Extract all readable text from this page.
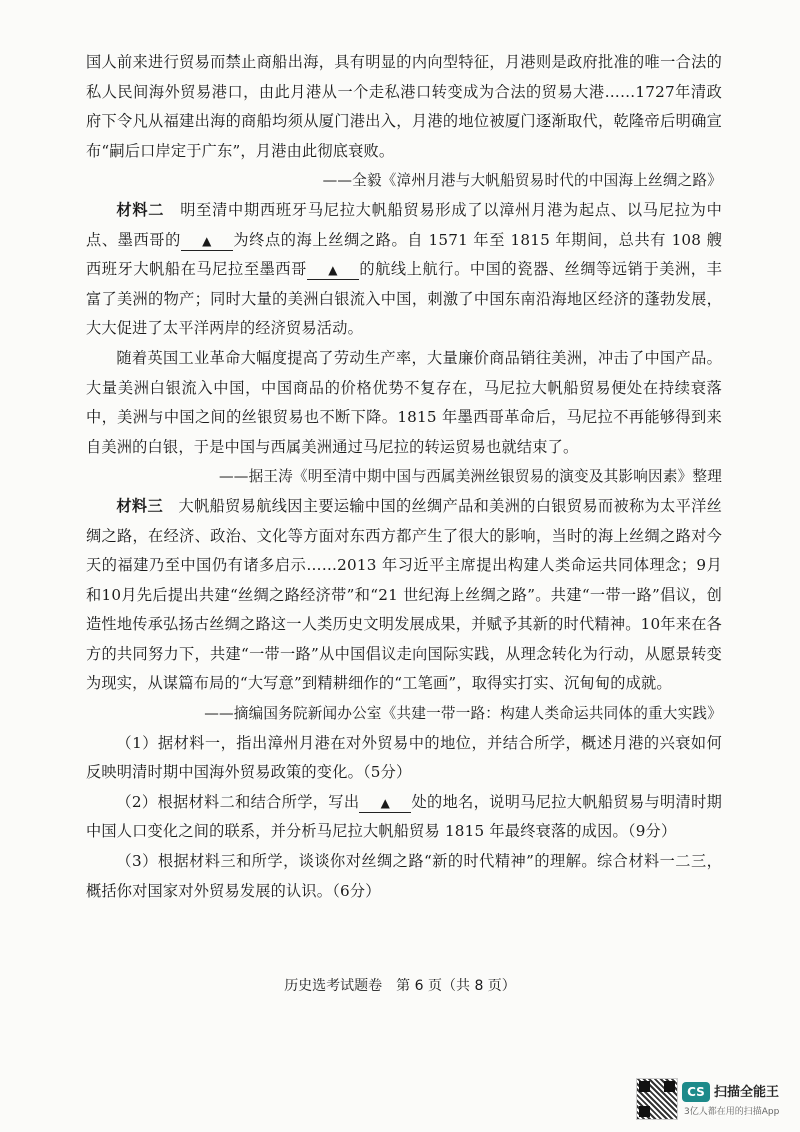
国人前来进行贸易而禁止商船出海，具有明显的内向型特征，月港则是政府批准的唯一合法的私人民间海外贸易港口，由此月港从一个走私港口转变成为合法的贸易大港……1727年清政府下令凡从福建出海的商船均须从厦门港出入，月港的地位被厦门逐渐取代，乾隆帝后明确宣布“嗣后口岸定于广东”，月港由此彻底衰败。
——全毅《漳州月港与大帆船贸易时代的中国海上丝绸之路》
材料二　 明至清中期西班牙马尼拉大帆船贸易形成了以漳州月港为起点、以马尼拉为中点、墨西哥的 ▲ 为终点的海上丝绸之路。自 1571 年至 1815 年期间，总共有 108 艘西班牙大帆船在马尼拉至墨西哥 ▲ 的航线上航行。中国的瓷器、丝绸等远销于美洲，丰富了美洲的物产；同时大量的美洲白银流入中国，刺激了中国东南沿海地区经济的蓬勃发展，大大促进了太平洋两岸的经济贸易活动。
随着英国工业革命大幅度提高了劳动生产率，大量廉价商品销往美洲，冲击了中国产品。大量美洲白银流入中国，中国商品的价格优势不复存在，马尼拉大帆船贸易便处在持续衰落中，美洲与中国之间的丝银贸易也不断下降。1815 年墨西哥革命后，马尼拉不再能够得到来自美洲的白银，于是中国与西属美洲通过马尼拉的转运贸易也就结束了。
——据王涛《明至清中期中国与西属美洲丝银贸易的演变及其影响因素》整理
材料三　 大帆船贸易航线因主要运输中国的丝绸产品和美洲的白银贸易而被称为太平洋丝绸之路，在经济、政治、文化等方面对东西方都产生了很大的影响，当时的海上丝绸之路对今天的福建乃至中国仍有诸多启示……2013 年习近平主席提出构建人类命运共同体理念；9月和10月先后提出共建“丝绸之路经济带”和“21 世纪海上丝绸之路”。共建“一带一路”倡议，创造性地传承弘扬古丝绸之路这一人类历史文明发展成果，并赋予其新的时代精神。10年来在各方的共同努力下，共建“一带一路”从中国倡议走向国际实践，从理念转化为行动，从愿景转变为现实，从谋篇布局的“大写意”到精耕细作的“工笔画”，取得实打实、沉甸甸的成就。
——摘编国务院新闻办公室《共建一带一路：构建人类命运共同体的重大实践》
（1）据材料一，指出漳州月港在对外贸易中的地位，并结合所学，概述月港的兴衰如何反映明清时期中国海外贸易政策的变化。（5分）
（2）根据材料二和结合所学，写出 ▲ 处的地名，说明马尼拉大帆船贸易与明清时期中国人口变化之间的联系，并分析马尼拉大帆船贸易 1815 年最终衰落的成因。（9分）
（3）根据材料三和所学，谈谈你对丝绸之路“新的时代精神”的理解。综合材料一二三，概括你对国家对外贸易发展的认识。（6分）
历史选考试题卷　第 6 页（共 8 页）
CS 扫描全能王
3亿人都在用的扫描App
